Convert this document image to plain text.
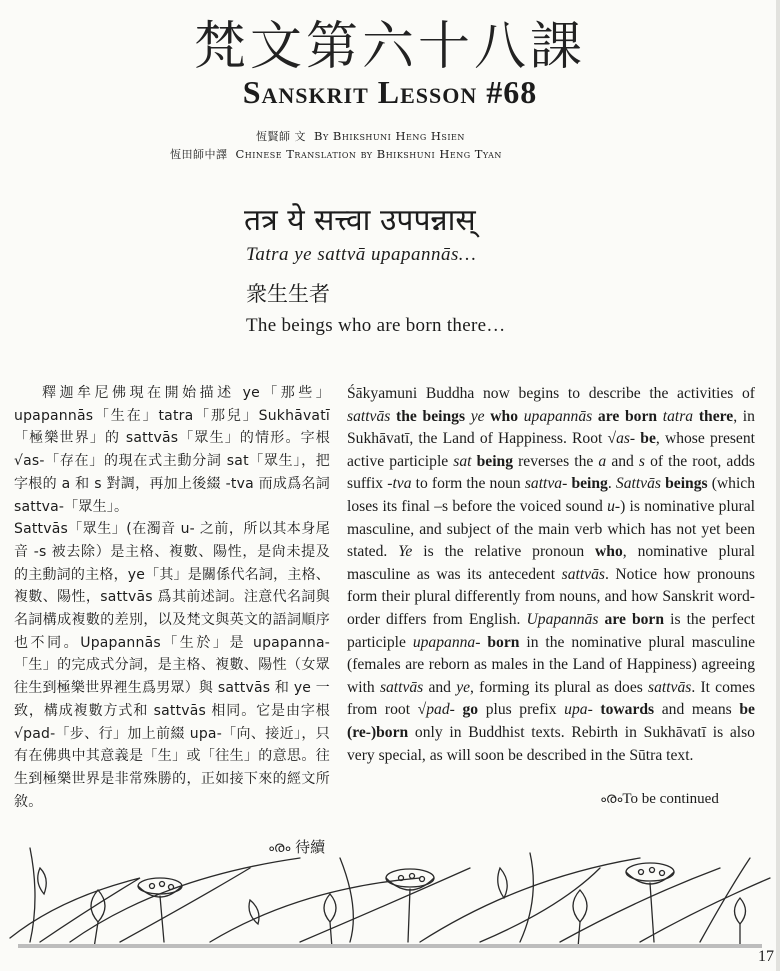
梵文第六十八課
Sanskrit Lesson #68
恆賢師 文 By Bhikshuni Heng Hsien
恆田師中譯 Chinese Translation by Bhikshuni Heng Tyan
तत्र ये सत्त्वा उपपन्नास्
Tatra ye sattvā upapannās…
衆生生者
The beings who are born there…
釋迦牟尼佛現在開始描述 ye「那些」upapannās「生在」tatra「那兒」Sukhāvatī「極樂世界」的 sattvās「眾生」的情形。字根 √as-「存在」的現在式主動分詞 sat「眾生」，把字根的 a 和 s 對調，再加上後綴 -tva 而成爲名詞 sattva-「眾生」。
Sattvās「眾生」(在濁音 u- 之前，所以其本身尾音 -s 被去除）是主格、複數、陽性，是尙未提及的主動詞的主格，ye「其」是關係代名詞，主格、複數、陽性，sattvās 爲其前述詞。注意代名詞與名詞構成複數的差別，以及梵文與英文的語詞順序也不同。Upapannās「生於」是 upapanna-「生」的完成式分詞，是主格、複數、陽性（女眾往生到極樂世界裡生爲男眾）與 sattvās 和 ye 一致，構成複數方式和 sattvās 相同。它是由字根 √pad-「步、行」加上前綴 upa-「向、接近」，只有在佛典中其意義是「生」或「往生」的意思。往生到極樂世界是非常殊勝的，正如接下來的經文所敘。
Śākyamuni Buddha now begins to describe the activities of sattvās the beings ye who upapannās are born tatra there, in Sukhāvatī, the Land of Happiness. Root √as- be, whose present active participle sat being reverses the a and s of the root, adds suffix -tva to form the noun sattva- being. Sattvās beings (which loses its final –s before the voiced sound u-) is nominative plural masculine, and subject of the main verb which has not yet been stated. Ye is the relative pronoun who, nominative plural masculine as was its antecedent sattvās. Notice how pronouns form their plural differently from nouns, and how Sanskrit word-order differs from English. Upapannās are born is the perfect participle upapanna- born in the nominative plural masculine (females are reborn as males in the Land of Happiness) agreeing with sattvās and ye, forming its plural as does sattvās. It comes from root √pad- go plus prefix upa- towards and means be (re-)born only in Buddhist texts. Rebirth in Sukhāvatī is also very special, as will soon be described in the Sūtra text.
ൟTo be continued
ൟ 待續
17
